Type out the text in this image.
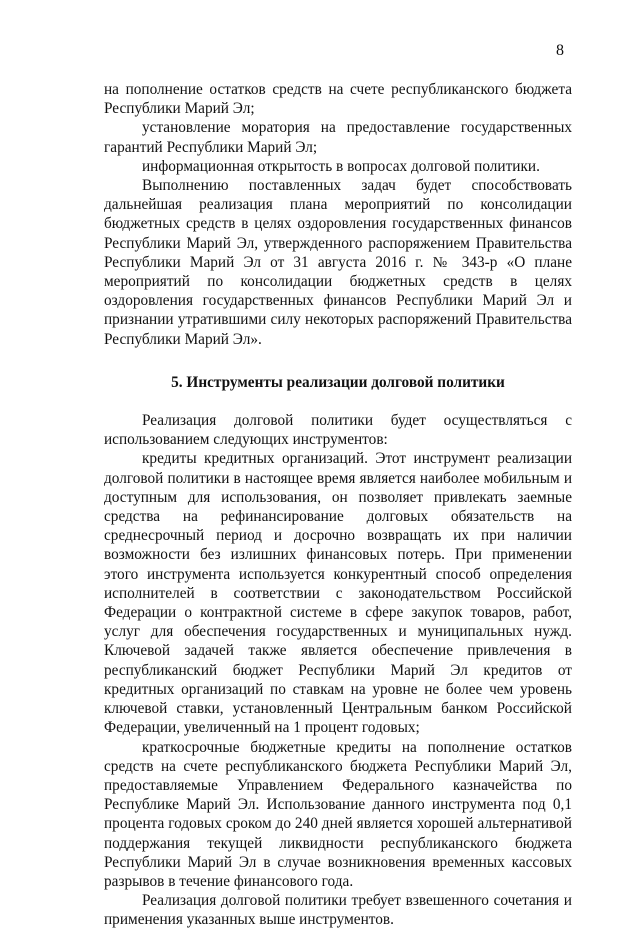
8

на пополнение остатков средств на счете республиканского бюджета Республики Марий Эл;

установление моратория на предоставление государственных гарантий Республики Марий Эл;

информационная открытость в вопросах долговой политики.

Выполнению поставленных задач будет способствовать дальнейшая реализация плана мероприятий по консолидации бюджетных средств в целях оздоровления государственных финансов Республики Марий Эл, утвержденного распоряжением Правительства Республики Марий Эл от 31 августа 2016 г. № 343-р «О плане мероприятий по консолидации бюджетных средств в целях оздоровления государственных финансов Республики Марий Эл и признании утратившими силу некоторых распоряжений Правительства Республики Марий Эл».

5. Инструменты реализации долговой политики

Реализация долговой политики будет осуществляться с использованием следующих инструментов:

кредиты кредитных организаций. Этот инструмент реализации долговой политики в настоящее время является наиболее мобильным и доступным для использования, он позволяет привлекать заемные средства на рефинансирование долговых обязательств на среднесрочный период и досрочно возвращать их при наличии возможности без излишних финансовых потерь. При применении этого инструмента используется конкурентный способ определения исполнителей в соответствии с законодательством Российской Федерации о контрактной системе в сфере закупок товаров, работ, услуг для обеспечения государственных и муниципальных нужд. Ключевой задачей также является обеспечение привлечения в республиканский бюджет Республики Марий Эл кредитов от кредитных организаций по ставкам на уровне не более чем уровень ключевой ставки, установленный Центральным банком Российской Федерации, увеличенный на 1 процент годовых;

краткосрочные бюджетные кредиты на пополнение остатков средств на счете республиканского бюджета Республики Марий Эл, предоставляемые Управлением Федерального казначейства по Республике Марий Эл. Использование данного инструмента под 0,1 процента годовых сроком до 240 дней является хорошей альтернативой поддержания текущей ликвидности республиканского бюджета Республики Марий Эл в случае возникновения временных кассовых разрывов в течение финансового года.

Реализация долговой политики требует взвешенного сочетания и применения указанных выше инструментов.
